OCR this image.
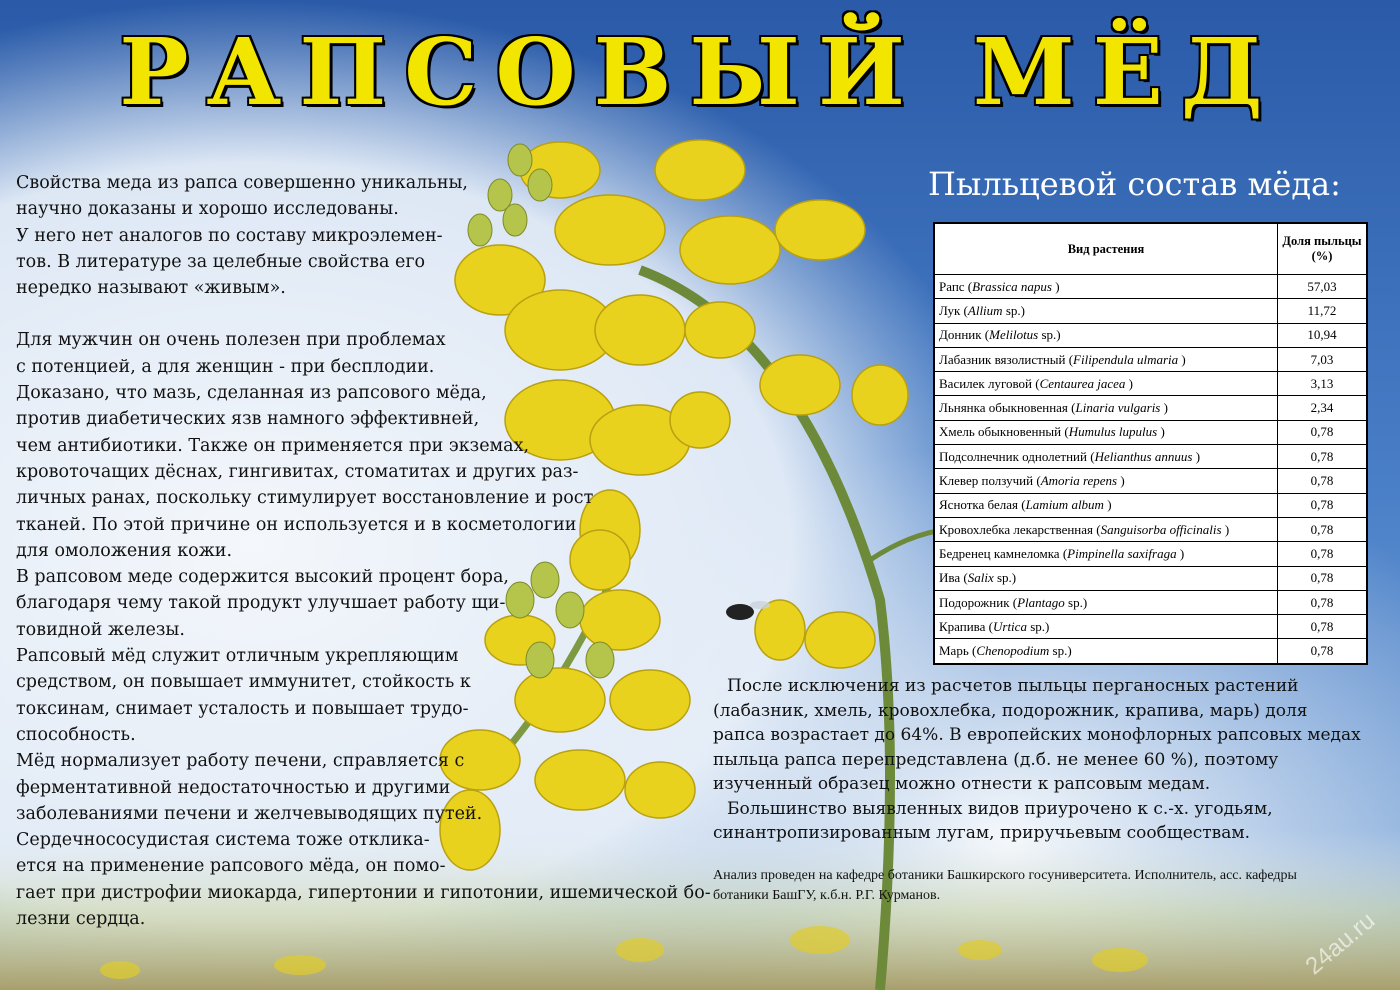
РАПСОВЫЙ МЁД

Свойства меда из рапса совершенно уникальны,

научно доказаны и хорошо исследованы.

У него нет аналогов по составу микроэлемен-

тов. В литературе за целебные свойства его

нередко называют «живым».

Для мужчин он очень полезен при проблемах

с потенцией, а для женщин - при бесплодии.

Доказано, что мазь, сделанная из рапсового мёда,

против диабетических язв намного эффективней,

чем антибиотики. Также он применяется при экземах,

кровоточащих дёснах, гингивитах, стоматитах и других раз-

личных ранах, поскольку стимулирует восстановление и рост

тканей. По этой причине он используется и в косметологии

для омоложения кожи.

В рапсовом меде содержится высокий процент бора,

благодаря чему такой продукт улучшает работу щи-

товидной железы.

Рапсовый мёд служит отличным укрепляющим

средством, он повышает иммунитет, стойкость к

токсинам, снимает усталость и повышает трудо-

способность.

Мёд нормализует работу печени, справляется с

ферментативной недостаточностью и другими

заболеваниями печени и желчевыводящих путей.

Сердечнососудистая система тоже отклика-

ется на применение рапсового мёда, он помо-

гает при дистрофии миокарда, гипертонии и гипотонии, ишемической бо-

лезни сердца.

Пыльцевой состав мёда:
Вид растения	Доля пыльцы (%)
Рапс (Brassica napus )	57,03
Лук (Allium sp.)	11,72
Донник (Melilotus sp.)	10,94
Лабазник вязолистный (Filipendula ulmaria )	7,03
Василек луговой (Centaurea jacea )	3,13
Льнянка обыкновенная (Linaria vulgaris )	2,34
Хмель обыкновенный (Humulus lupulus )	0,78
Подсолнечник однолетний (Helianthus annuus )	0,78
Клевер ползучий (Amoria repens )	0,78
Яснотка белая (Lamium album )	0,78
Кровохлебка лекарственная (Sanguisorba officinalis )	0,78
Бедренец камнеломка (Pimpinella saxifraga )	0,78
Ива (Salix sp.)	0,78
Подорожник (Plantago sp.)	0,78
Крапива (Urtica sp.)	0,78
Марь (Chenopodium sp.)	0,78

После исключения из расчетов пыльцы перганосных растений (лабазник, хмель, кровохлебка, подорожник, крапива, марь) доля рапса возрастает до 64%. В европейских монофлорных рапсовых медах пыльца рапса перепредставлена (д.б. не менее 60 %), поэтому изученный образец можно отнести к рапсовым медам.

Большинство выявленных видов приурочено к с.-х. угодьям, синантропизированным лугам, приручьевым сообществам.

Анализ проведен на кафедре ботаники Башкирского госуниверситета. Исполнитель, асс. кафедры ботаники БашГУ, к.б.н. Р.Г. Курманов.
24au.ru
